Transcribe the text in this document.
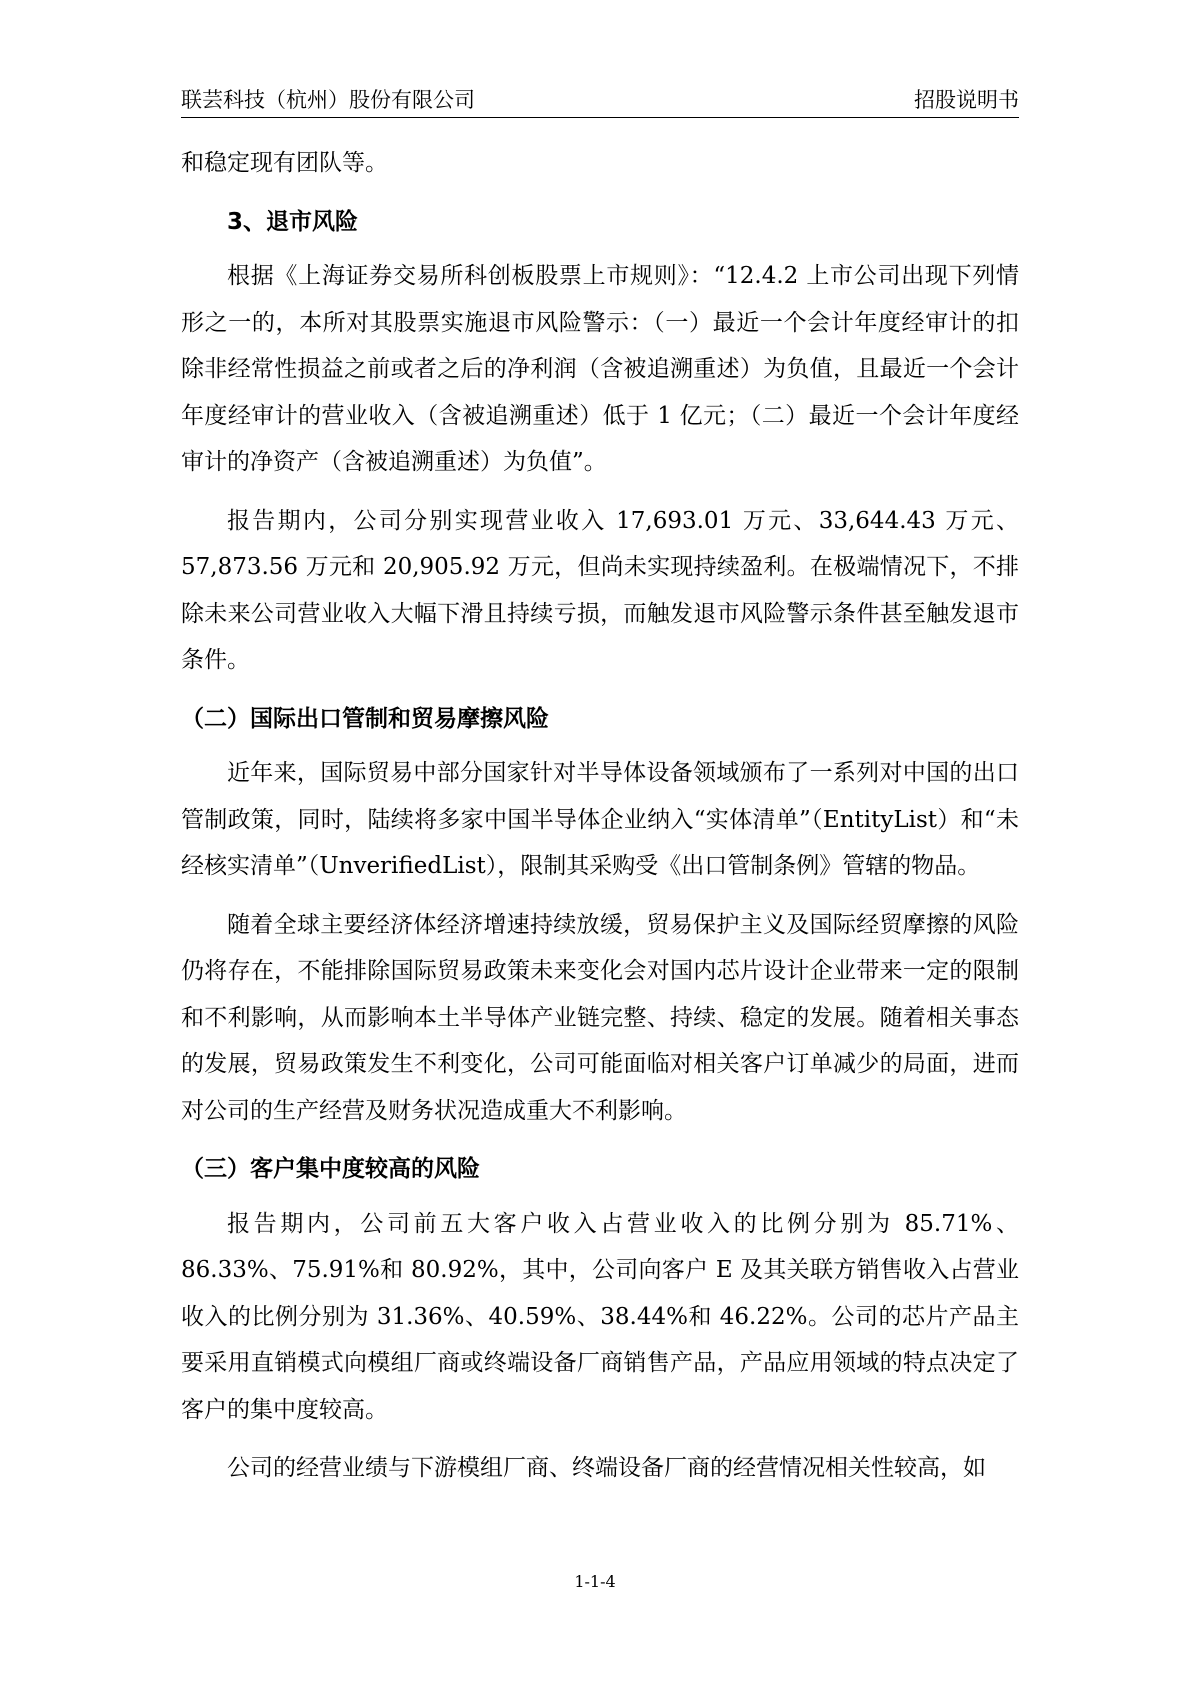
联芸科技（杭州）股份有限公司	招股说明书

和稳定现有团队等。

3、退市风险

根据《上海证券交易所科创板股票上市规则》：“12.4.2 上市公司出现下列情形之一的，本所对其股票实施退市风险警示：（一）最近一个会计年度经审计的扣除非经常性损益之前或者之后的净利润（含被追溯重述）为负值，且最近一个会计年度经审计的营业收入（含被追溯重述）低于 1 亿元；（二）最近一个会计年度经审计的净资产（含被追溯重述）为负值”。

报告期内，公司分别实现营业收入 17,693.01 万元、33,644.43 万元、57,873.56 万元和 20,905.92 万元，但尚未实现持续盈利。在极端情况下，不排除未来公司营业收入大幅下滑且持续亏损，而触发退市风险警示条件甚至触发退市条件。

（二）国际出口管制和贸易摩擦风险

近年来，国际贸易中部分国家针对半导体设备领域颁布了一系列对中国的出口管制政策，同时，陆续将多家中国半导体企业纳入“实体清单”（EntityList）和“未经核实清单”（UnverifiedList），限制其采购受《出口管制条例》管辖的物品。

随着全球主要经济体经济增速持续放缓，贸易保护主义及国际经贸摩擦的风险仍将存在，不能排除国际贸易政策未来变化会对国内芯片设计企业带来一定的限制和不利影响，从而影响本土半导体产业链完整、持续、稳定的发展。随着相关事态的发展，贸易政策发生不利变化，公司可能面临对相关客户订单减少的局面，进而对公司的生产经营及财务状况造成重大不利影响。

（三）客户集中度较高的风险

报告期内，公司前五大客户收入占营业收入的比例分别为 85.71%、86.33%、75.91%和 80.92%，其中，公司向客户 E 及其关联方销售收入占营业收入的比例分别为 31.36%、40.59%、38.44%和 46.22%。公司的芯片产品主要采用直销模式向模组厂商或终端设备厂商销售产品，产品应用领域的特点决定了客户的集中度较高。

公司的经营业绩与下游模组厂商、终端设备厂商的经营情况相关性较高，如

1-1-4
